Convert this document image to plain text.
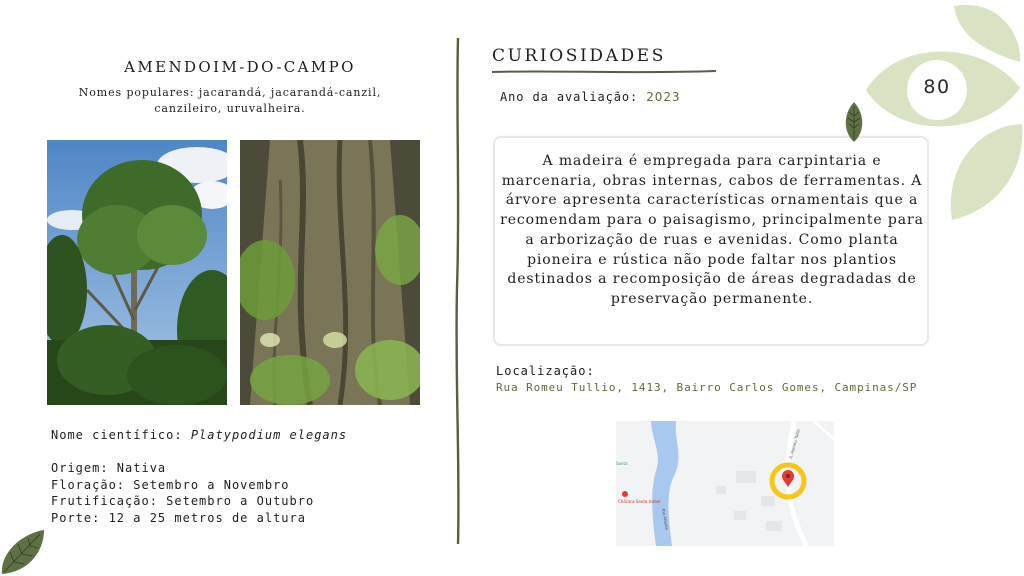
AMENDOIM-DO-CAMPO
Nomes populares: jacarandá, jacarandá-canzil, canzileiro, uruvalheira.
Nome científico: Platypodium elegans
Origem: Nativa
Floração: Setembro a Novembro
Frutificação: Setembro a Outubro
Porte: 12 a 25 metros de altura
CURIOSIDADES
Ano da avaliação: 2023
A madeira é empregada para carpintaria e marcenaria, obras internas, cabos de ferramentas. A árvore apresenta características ornamentais que a recomendam para o paisagismo, principalmente para a arborização de ruas e avenidas. Como planta pioneira e rústica não pode faltar nos plantios destinados a recomposição de áreas degradadas de preservação permanente.
Localização:
Rua Romeu Tullio, 1413, Bairro Carlos Gomes, Campinas/SP
R. Romeu Tullio
Rio Atibaia
Santa
Chácara Santa Isabel
80
